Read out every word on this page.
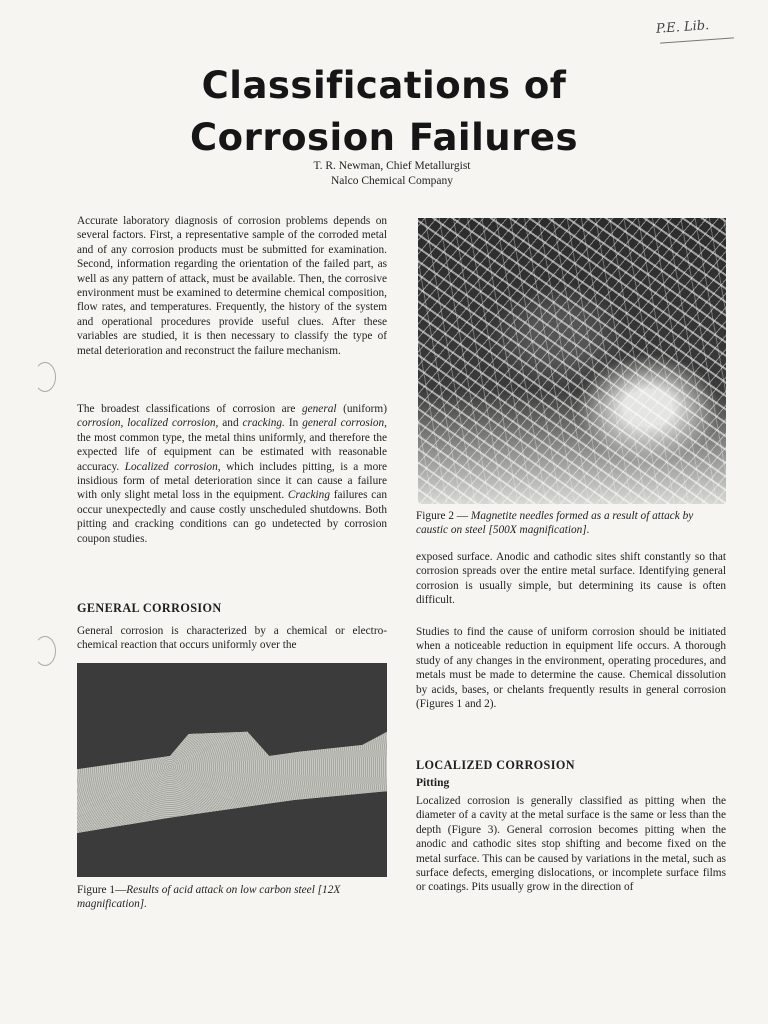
P.E. Lib.
Classifications of
Corrosion Failures
T. R. Newman, Chief Metallurgist
Nalco Chemical Company

Accurate laboratory diagnosis of corrosion problems depends on several factors. First, a representative sample of the corroded metal and of any corrosion products must be submitted for examination. Second, information regarding the orientation of the failed part, as well as any pattern of attack, must be available. Then, the corrosive environment must be examined to determine chemical composition, flow rates, and temperatures. Frequently, the history of the system and operational procedures provide useful clues. After these variables are studied, it is then necessary to classify the type of metal deterioration and reconstruct the failure mechanism.

The broadest classifications of corrosion are general (uniform) corrosion, localized corrosion, and cracking. In general corrosion, the most common type, the metal thins uniformly, and therefore the expected life of equipment can be estimated with reasonable accuracy. Localized corrosion, which includes pitting, is a more insidious form of metal deterioration since it can cause a failure with only slight metal loss in the equipment. Cracking failures can occur unexpectedly and cause costly unscheduled shutdowns. Both pitting and cracking conditions can go undetected by corrosion coupon studies.

GENERAL CORROSION

General corrosion is characterized by a chemical or electro-chemical reaction that occurs uniformly over the

Figure 1—Results of acid attack on low carbon steel [12X magnification].

Figure 2 — Magnetite needles formed as a result of attack by caustic on steel [500X magnification].

exposed surface. Anodic and cathodic sites shift constantly so that corrosion spreads over the entire metal surface. Identifying general corrosion is usually simple, but determining its cause is often difficult.

Studies to find the cause of uniform corrosion should be initiated when a noticeable reduction in equipment life occurs. A thorough study of any changes in the environment, operating procedures, and metals must be made to determine the cause. Chemical dissolution by acids, bases, or chelants frequently results in general corrosion (Figures 1 and 2).

LOCALIZED CORROSION
Pitting

Localized corrosion is generally classified as pitting when the diameter of a cavity at the metal surface is the same or less than the depth (Figure 3). General corrosion becomes pitting when the anodic and cathodic sites stop shifting and become fixed on the metal surface. This can be caused by variations in the metal, such as surface defects, emerging dislocations, or incomplete surface films or coatings. Pits usually grow in the direction of
